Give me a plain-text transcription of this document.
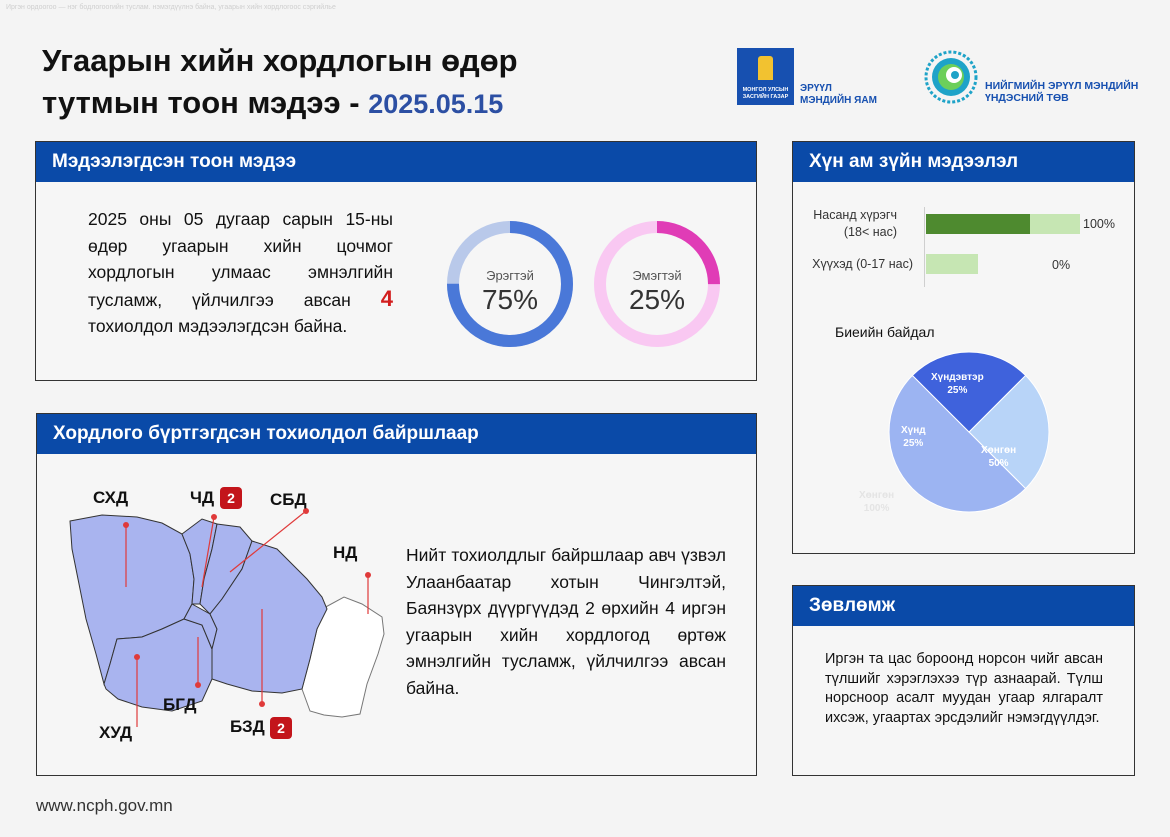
Иргэн ордоогоо — нэг бодлогоогийн туслам. нэмэгдүүлнэ байна, угаарын хийн хордлогоос сэргийлье
Угаарын хийн хордлогын өдөр
тутмын тоон мэдээ - 2025.05.15	МОНГОЛ УЛСЫН ЗАСГИЙН ГАЗАР
ЭРҮҮЛ
МЭНДИЙН ЯАМ
НИЙГМИЙН ЭРҮҮЛ МЭНДИЙН
ҮНДЭСНИЙ ТӨВ
Мэдээлэгдсэн тоон мэдээ
2025 оны 05 дугаар сарын 15-ны өдөр угаарын хийн цочмог хордлогын улмаас эмнэлгийн тусламж, үйлчилгээ авсан 4 тохиолдол мэдээлэгдсэн байна.
Эрэгтэй
75%
Эмэгтэй
25%
Хордлого бүртгэгдсэн тохиолдол байршлаар
СХД	ЧД 2	СБД
НД
БГД
ХУД	БЗД 2
Нийт тохиолдлыг байршлаар авч үзвэл Улаанбаатар хотын Чингэлтэй, Баянзүрх дүүргүүдэд 2 өрхийн 4 иргэн угаарын хийн хордлогод өртөж эмнэлгийн тусламж, үйлчилгээ авсан байна.
Хүн ам зүйн мэдээлэл
Насанд хүрэгч
(18< нас)
Хүүхэд (0-17 нас)
100%
0%
Биеийн байдал
Хүндэвтэр
25%
Хүнд
25%
Хөнгөн
50%
Хөнгөн
100%
Зөвлөмж
Иргэн та цас бороонд норсон чийг авсан түлшийг хэрэглэхээ түр азнаарай. Түлш норсноор асалт муудан угаар ялгаралт ихсэж, угаартах эрсдэлийг нэмэгдүүлдэг.
www.ncph.gov.mn
